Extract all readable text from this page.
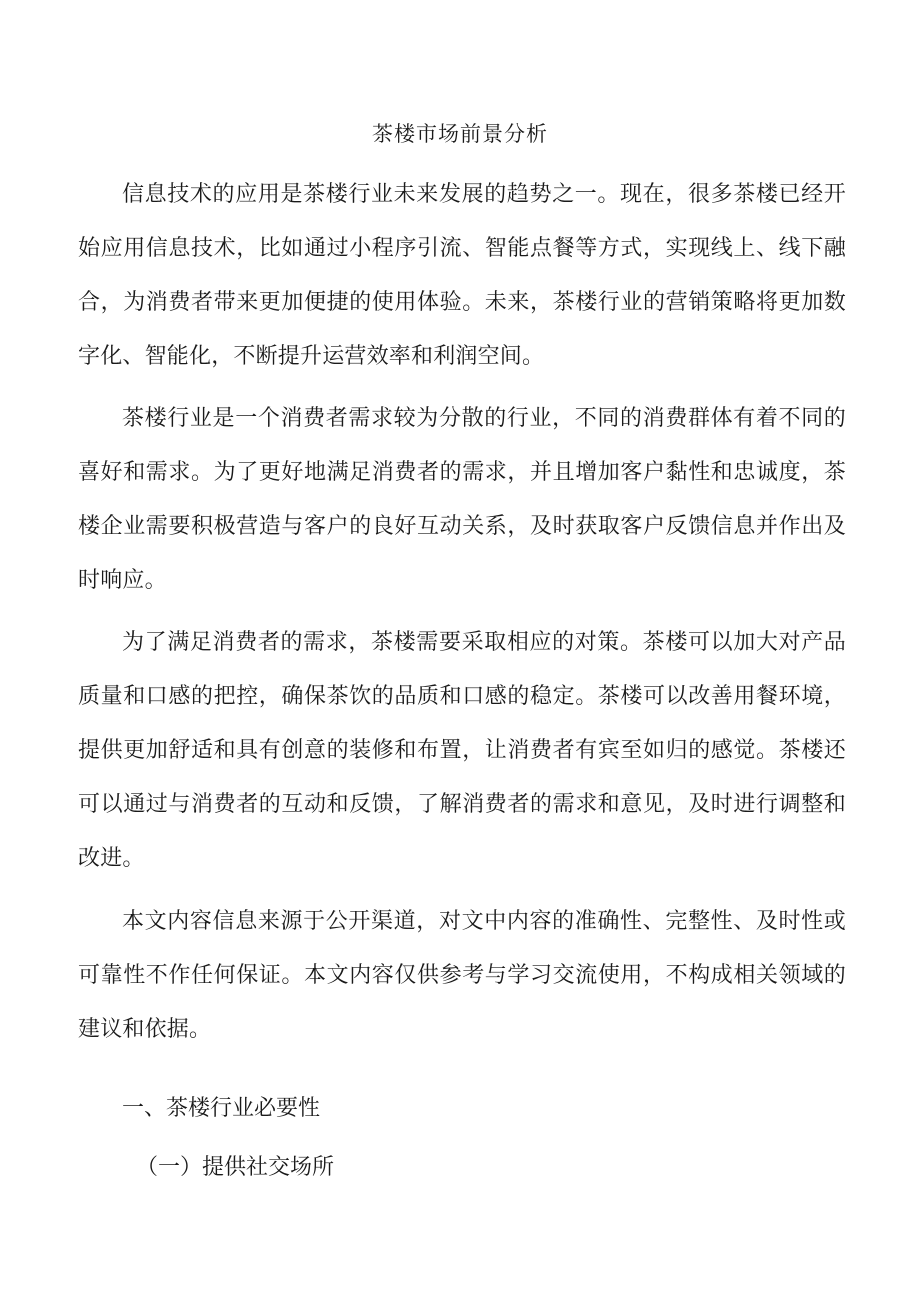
茶楼市场前景分析

信息技术的应用是茶楼行业未来发展的趋势之一。现在，很多茶楼已经开始应用信息技术，比如通过小程序引流、智能点餐等方式，实现线上、线下融合，为消费者带来更加便捷的使用体验。未来，茶楼行业的营销策略将更加数字化、智能化，不断提升运营效率和利润空间。

茶楼行业是一个消费者需求较为分散的行业，不同的消费群体有着不同的喜好和需求。为了更好地满足消费者的需求，并且增加客户黏性和忠诚度，茶楼企业需要积极营造与客户的良好互动关系，及时获取客户反馈信息并作出及时响应。

为了满足消费者的需求，茶楼需要采取相应的对策。茶楼可以加大对产品质量和口感的把控，确保茶饮的品质和口感的稳定。茶楼可以改善用餐环境，提供更加舒适和具有创意的装修和布置，让消费者有宾至如归的感觉。茶楼还可以通过与消费者的互动和反馈，了解消费者的需求和意见，及时进行调整和改进。

本文内容信息来源于公开渠道，对文中内容的准确性、完整性、及时性或可靠性不作任何保证。本文内容仅供参考与学习交流使用，不构成相关领域的建议和依据。

一、茶楼行业必要性
（一）提供社交场所
